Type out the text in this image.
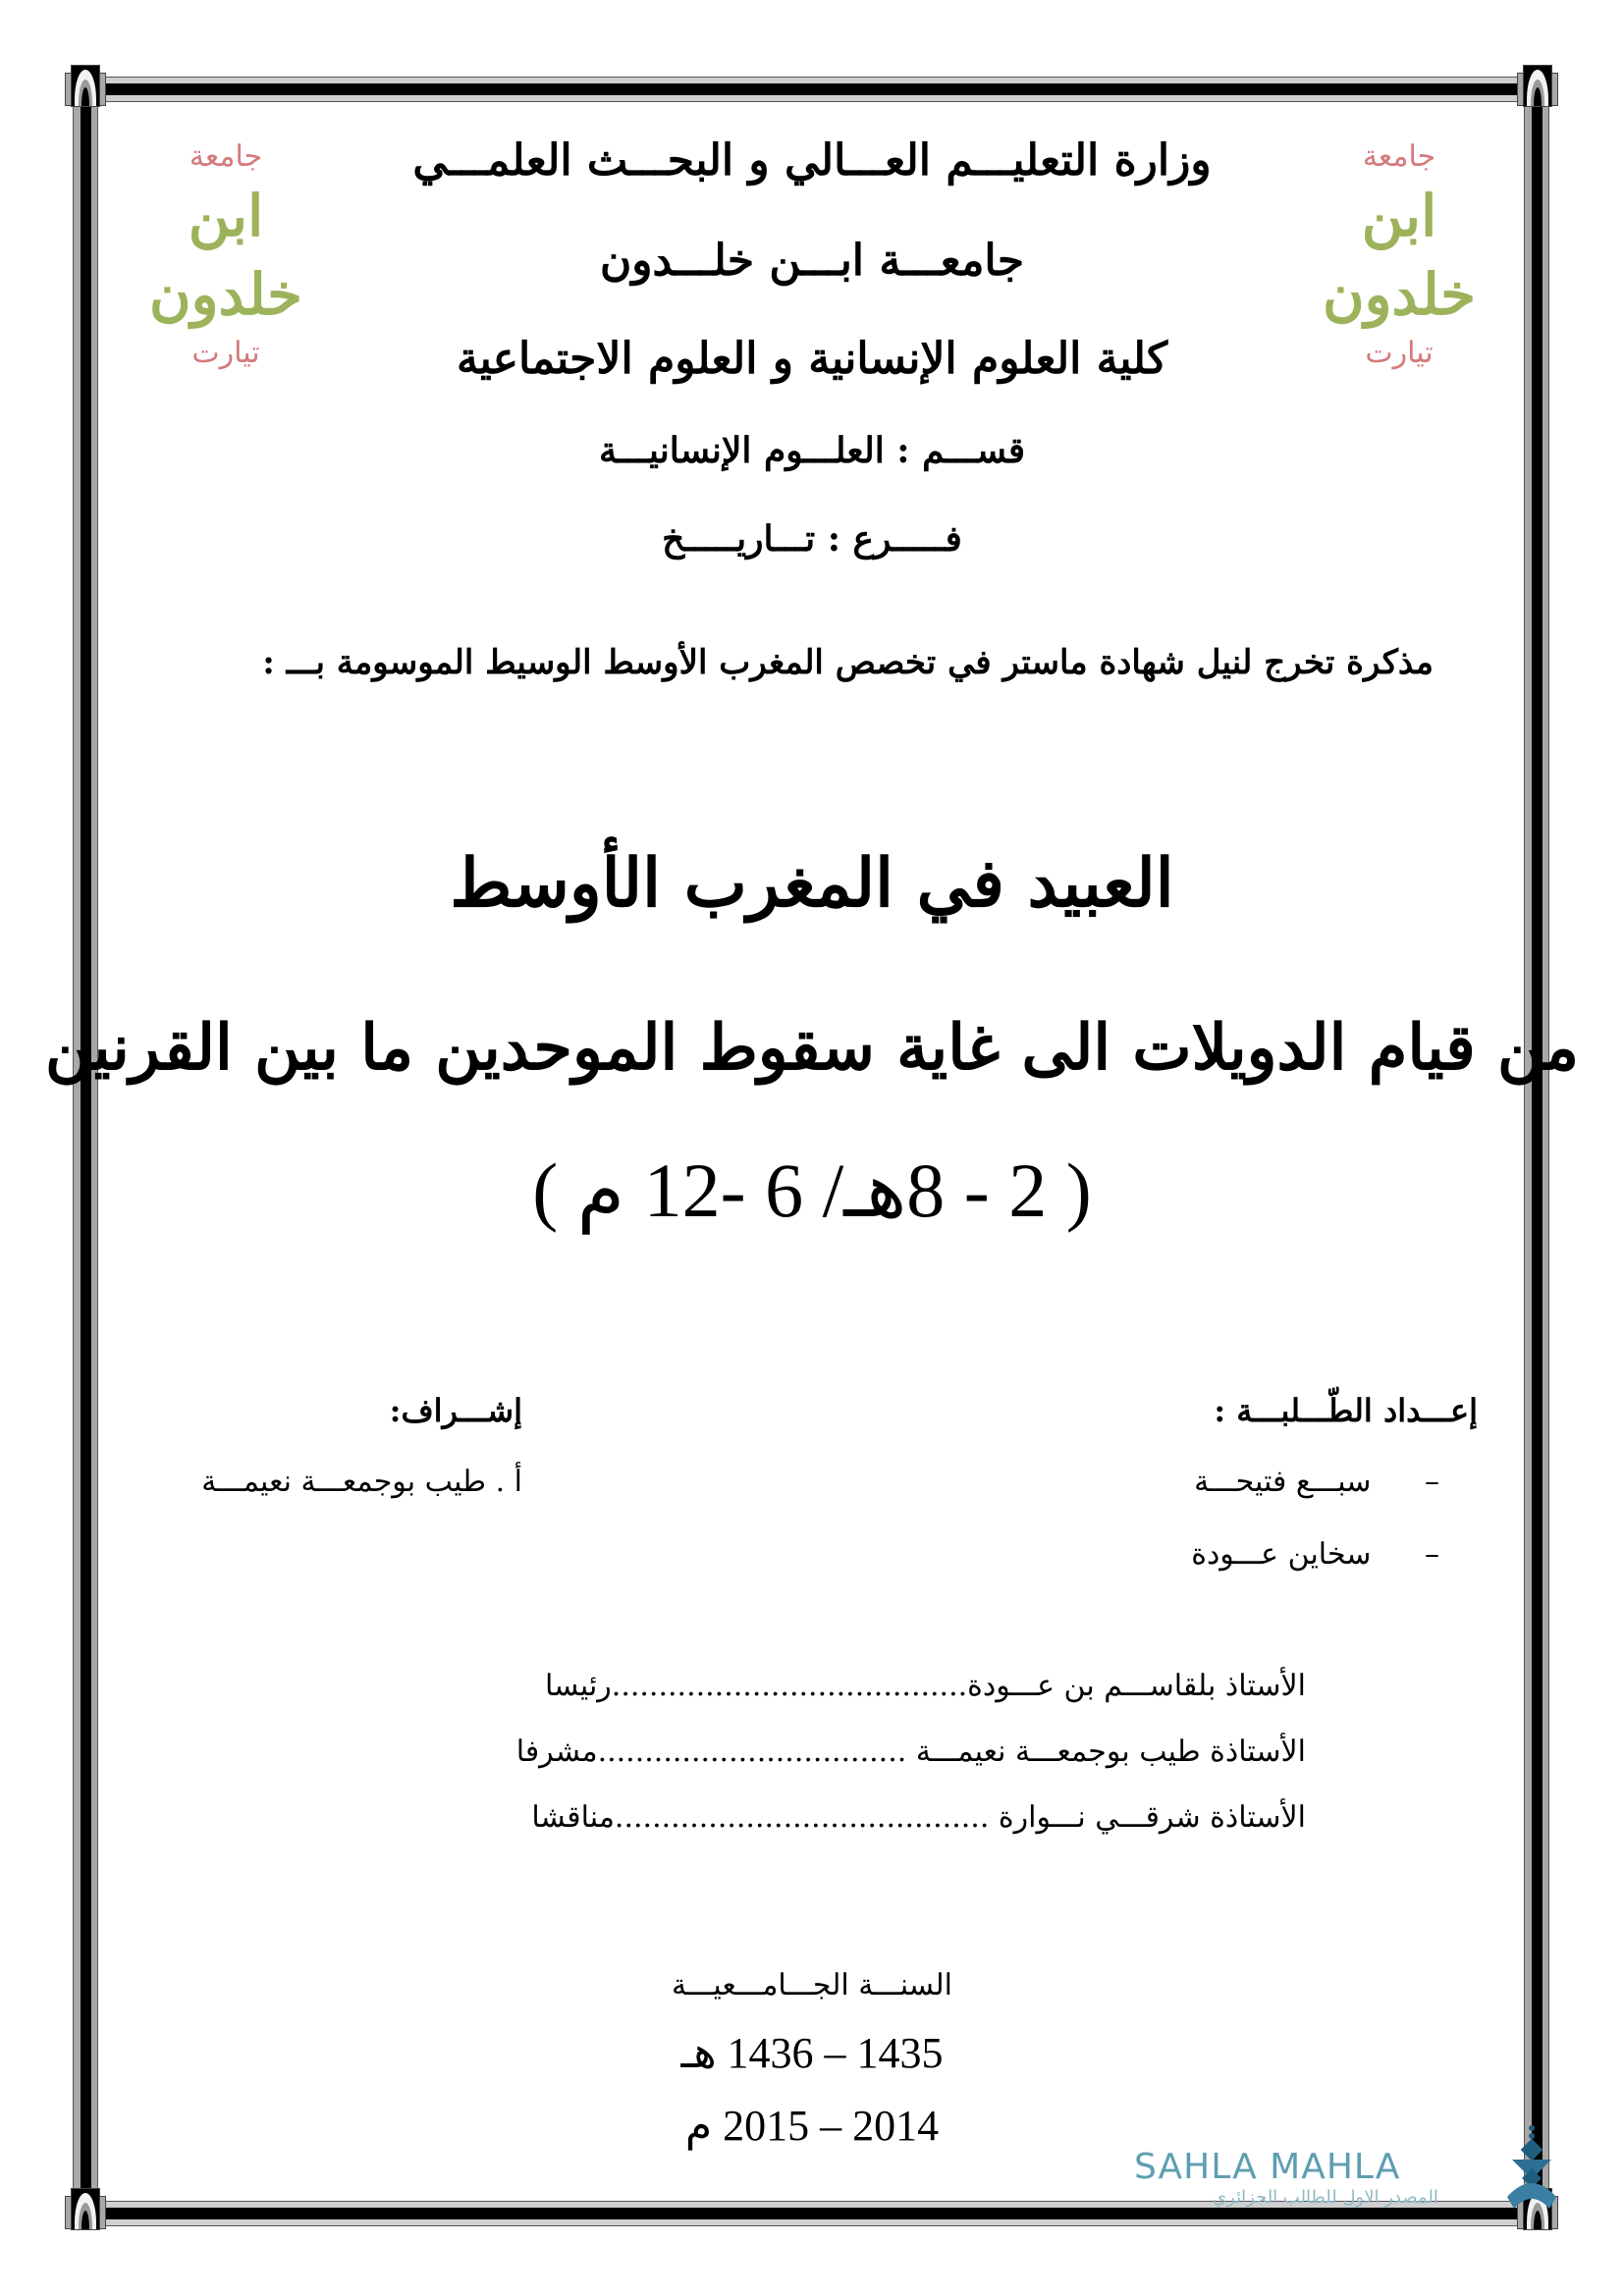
جامعة
ابن خلدون
تيارت
جامعة
ابن خلدون
تيارت
وزارة التعليـــم العـــالي و البحـــث العلمـــي
جامعـــة ابـــن خلـــدون
كلية العلوم الإنسانية و العلوم الاجتماعية
قســـم : العلـــوم الإنسانيـــة
فـــــرع : تـــاريـــــخ
مذكرة تخرج لنيل شهادة ماستر في تخصص المغرب الأوسط الوسيط الموسومة بـــ :
العبيد في المغرب الأوسط
من قيام الدويلات الى غاية سقوط الموحدين ما بين القرنين
( 2 - 8هـ/ 6 -12 م )
إعـــداد الطّـــلبـــة :
– سبـــع فتيحـــة
– سخاين عـــودة
إشـــراف:
أ . طيب بوجمعـــة نعيمـــة
الأستاذ بلقاســـم بن عـــودة......................................رئيسا
الأستاذة طيب بوجمعـــة نعيمـــة .................................مشرفا
الأستاذة شرقـــي نـــوارة ........................................مناقشا
السنـــة الجـــامـــعيـــة
1435 – 1436 هـ
2014 – 2015 م
SAHLA MAHLA
المصدر الاول للطالب الجزائري
